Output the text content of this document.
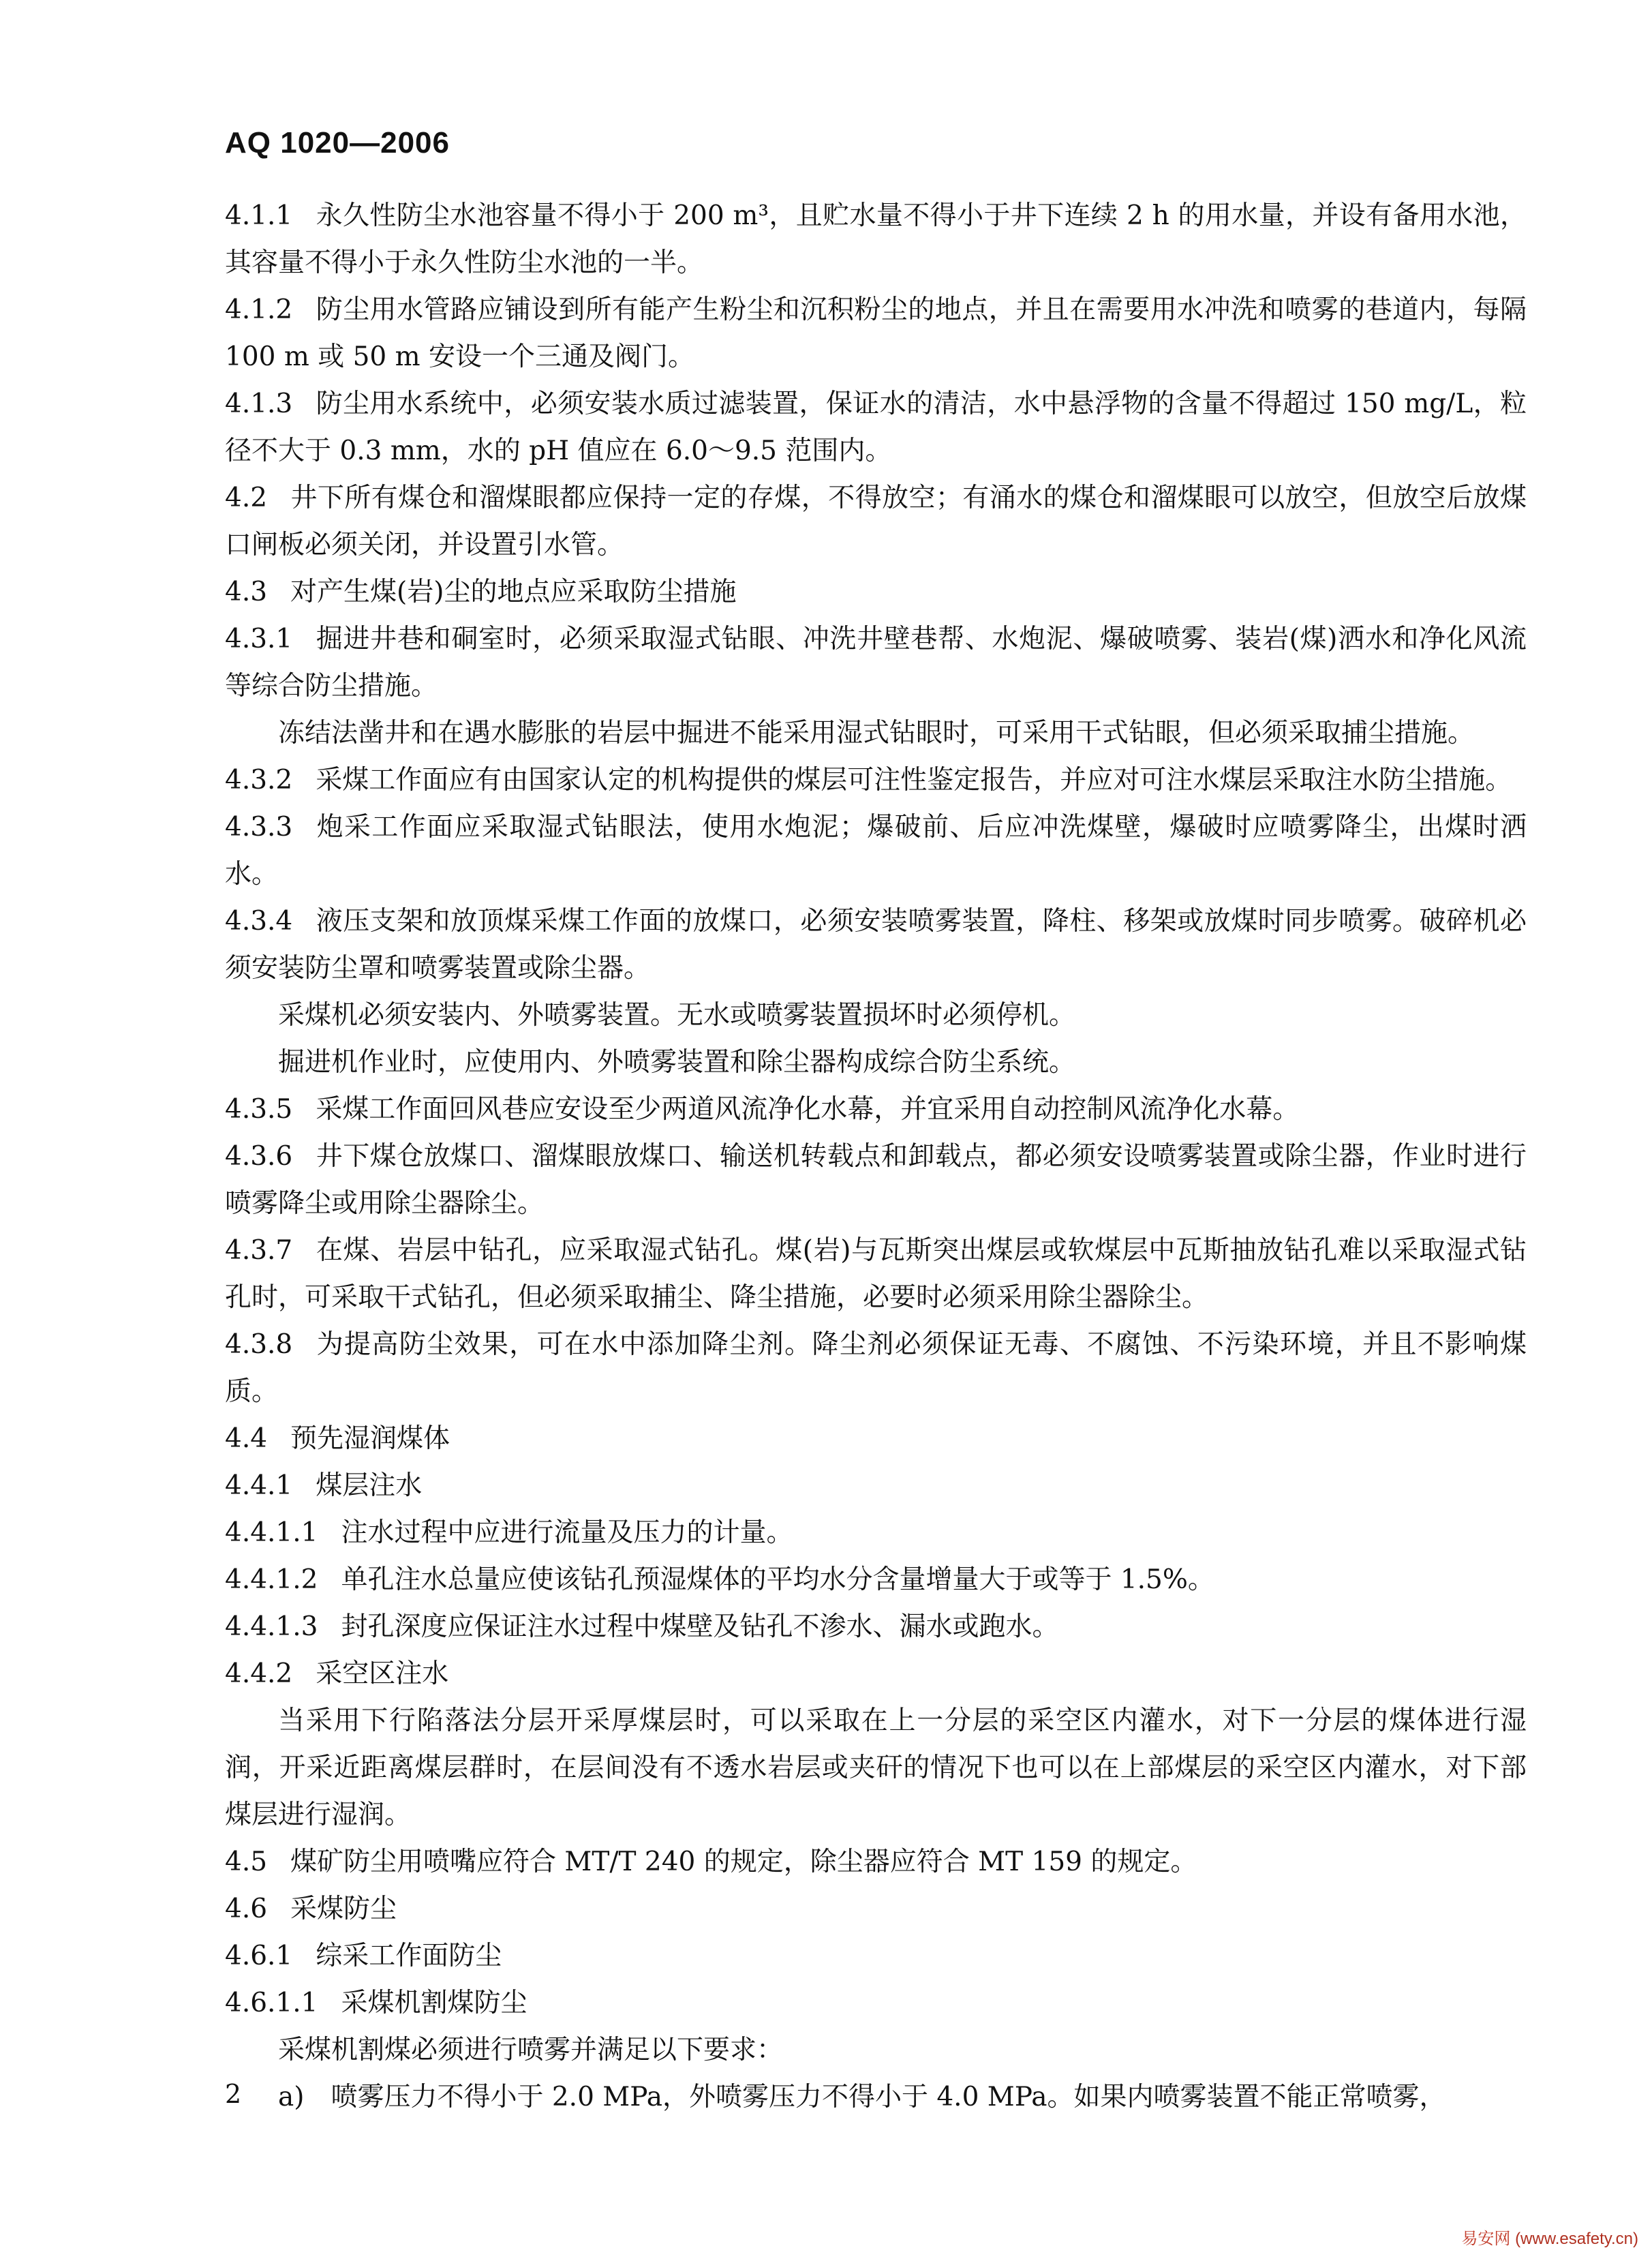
AQ 1020—2006

4.1.1 永久性防尘水池容量不得小于 200 m³，且贮水量不得小于井下连续 2 h 的用水量，并设有备用水池，其容量不得小于永久性防尘水池的一半。

4.1.2 防尘用水管路应铺设到所有能产生粉尘和沉积粉尘的地点，并且在需要用水冲洗和喷雾的巷道内，每隔 100 m 或 50 m 安设一个三通及阀门。

4.1.3 防尘用水系统中，必须安装水质过滤装置，保证水的清洁，水中悬浮物的含量不得超过 150 mg/L，粒径不大于 0.3 mm，水的 pH 值应在 6.0～9.5 范围内。

4.2 井下所有煤仓和溜煤眼都应保持一定的存煤，不得放空；有涌水的煤仓和溜煤眼可以放空，但放空后放煤口闸板必须关闭，并设置引水管。

4.3 对产生煤(岩)尘的地点应采取防尘措施

4.3.1 掘进井巷和硐室时，必须采取湿式钻眼、冲洗井壁巷帮、水炮泥、爆破喷雾、装岩(煤)洒水和净化风流等综合防尘措施。

冻结法凿井和在遇水膨胀的岩层中掘进不能采用湿式钻眼时，可采用干式钻眼，但必须采取捕尘措施。

4.3.2 采煤工作面应有由国家认定的机构提供的煤层可注性鉴定报告，并应对可注水煤层采取注水防尘措施。

4.3.3 炮采工作面应采取湿式钻眼法，使用水炮泥；爆破前、后应冲洗煤壁，爆破时应喷雾降尘，出煤时洒水。

4.3.4 液压支架和放顶煤采煤工作面的放煤口，必须安装喷雾装置，降柱、移架或放煤时同步喷雾。破碎机必须安装防尘罩和喷雾装置或除尘器。

采煤机必须安装内、外喷雾装置。无水或喷雾装置损坏时必须停机。

掘进机作业时，应使用内、外喷雾装置和除尘器构成综合防尘系统。

4.3.5 采煤工作面回风巷应安设至少两道风流净化水幕，并宜采用自动控制风流净化水幕。

4.3.6 井下煤仓放煤口、溜煤眼放煤口、输送机转载点和卸载点，都必须安设喷雾装置或除尘器，作业时进行喷雾降尘或用除尘器除尘。

4.3.7 在煤、岩层中钻孔，应采取湿式钻孔。煤(岩)与瓦斯突出煤层或软煤层中瓦斯抽放钻孔难以采取湿式钻孔时，可采取干式钻孔，但必须采取捕尘、降尘措施，必要时必须采用除尘器除尘。

4.3.8 为提高防尘效果，可在水中添加降尘剂。降尘剂必须保证无毒、不腐蚀、不污染环境，并且不影响煤质。

4.4 预先湿润煤体

4.4.1 煤层注水

4.4.1.1 注水过程中应进行流量及压力的计量。

4.4.1.2 单孔注水总量应使该钻孔预湿煤体的平均水分含量增量大于或等于 1.5%。

4.4.1.3 封孔深度应保证注水过程中煤壁及钻孔不渗水、漏水或跑水。

4.4.2 采空区注水

当采用下行陷落法分层开采厚煤层时，可以采取在上一分层的采空区内灌水，对下一分层的煤体进行湿润，开采近距离煤层群时，在层间没有不透水岩层或夹矸的情况下也可以在上部煤层的采空区内灌水，对下部煤层进行湿润。

4.5 煤矿防尘用喷嘴应符合 MT/T 240 的规定，除尘器应符合 MT 159 的规定。

4.6 采煤防尘

4.6.1 综采工作面防尘

4.6.1.1 采煤机割煤防尘

采煤机割煤必须进行喷雾并满足以下要求：

a)　喷雾压力不得小于 2.0 MPa，外喷雾压力不得小于 4.0 MPa。如果内喷雾装置不能正常喷雾，

2
易安网 (www.esafety.cn)
